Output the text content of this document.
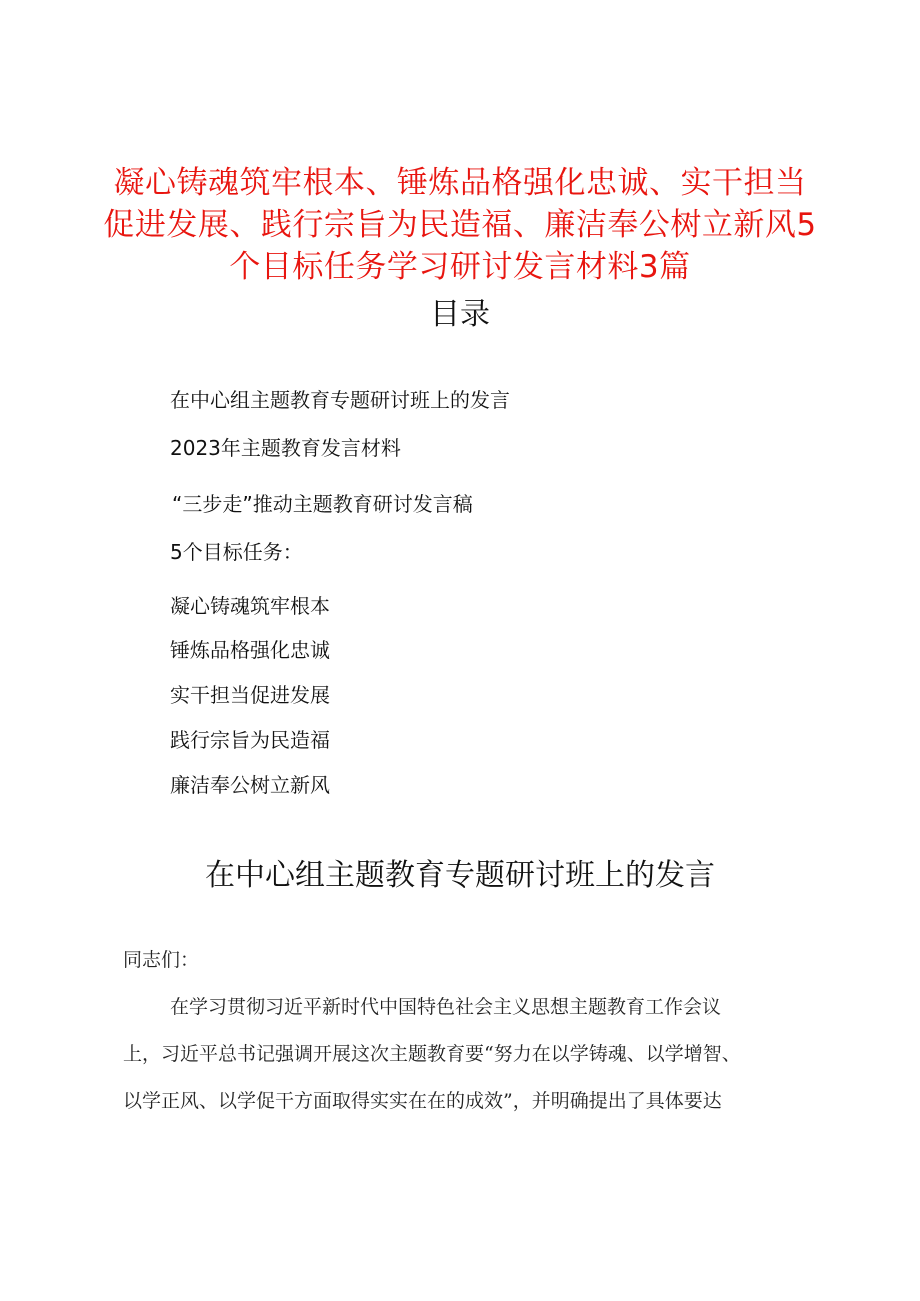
凝心铸魂筑牢根本、锤炼品格强化忠诚、实干担当
促进发展、践行宗旨为民造福、廉洁奉公树立新风5
个目标任务学习研讨发言材料3篇
目录
在中心组主题教育专题研讨班上的发言
2023年主题教育发言材料
“三步走”推动主题教育研讨发言稿
5个目标任务：
凝心铸魂筑牢根本
锤炼品格强化忠诚
实干担当促进发展
践行宗旨为民造福
廉洁奉公树立新风
在中心组主题教育专题研讨班上的发言
同志们：
在学习贯彻习近平新时代中国特色社会主义思想主题教育工作会议
上，习近平总书记强调开展这次主题教育要“努力在以学铸魂、以学增智、
以学正风、以学促干方面取得实实在在的成效”，并明确提出了具体要达
